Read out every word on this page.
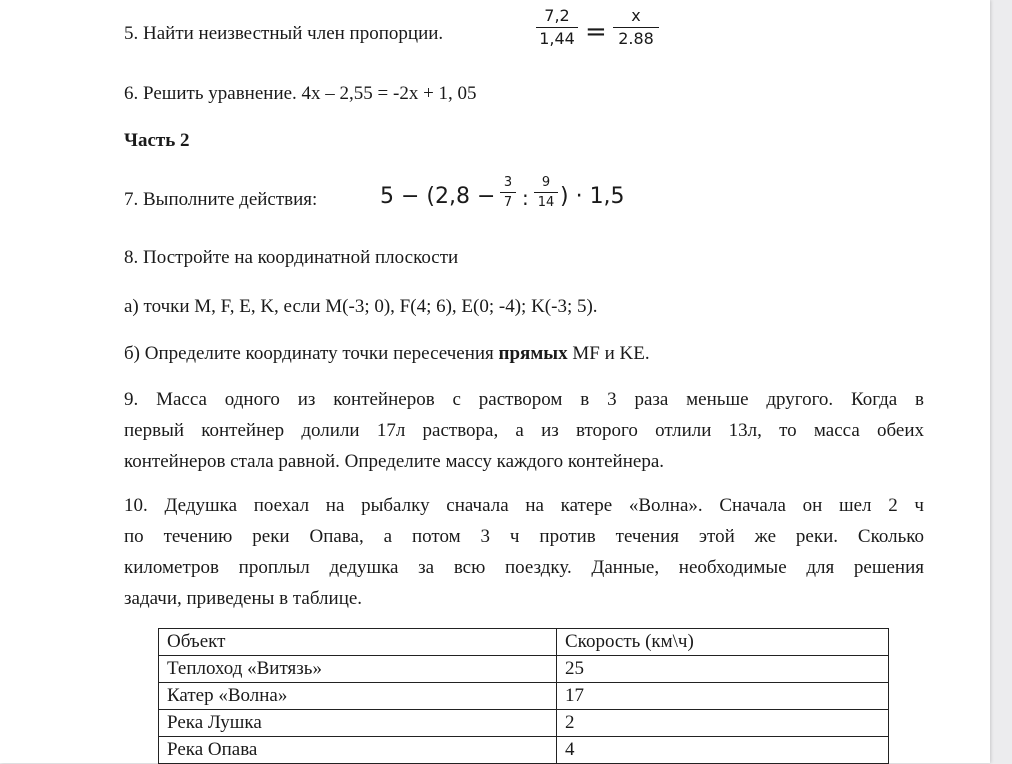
5. Найти неизвестный член пропорции.
7,2
1,44 =
x
2.88
6. Решить уравнение. 4х – 2,55 = -2х + 1, 05
Часть 2
7. Выполните действия:	5 − (2,8 −
3
7 :
9
14 ) · 1,5
8. Постройте на координатной плоскости
а) точки M, F, E, K, если M(-3; 0), F(4; 6), E(0; -4); K(-3; 5).
б) Определите координату точки пересечения прямых MF и KE.
9. Масса одного из контейнеров с раствором в 3 раза меньше другого. Когда в
первый контейнер долили 17л раствора, а из второго отлили 13л, то масса обеих
контейнеров стала равной. Определите массу каждого контейнера.
10. Дедушка поехал на рыбалку сначала на катере «Волна». Сначала он шел 2 ч
по течению реки Опава, а потом 3 ч против течения этой же реки. Сколько
километров проплыл дедушка за всю поездку. Данные, необходимые для решения
задачи, приведены в таблице.
Объект	Скорость (км\ч)
Теплоход «Витязь»	25
Катер «Волна»	17
Река Лушка	2
Река Опава	4
